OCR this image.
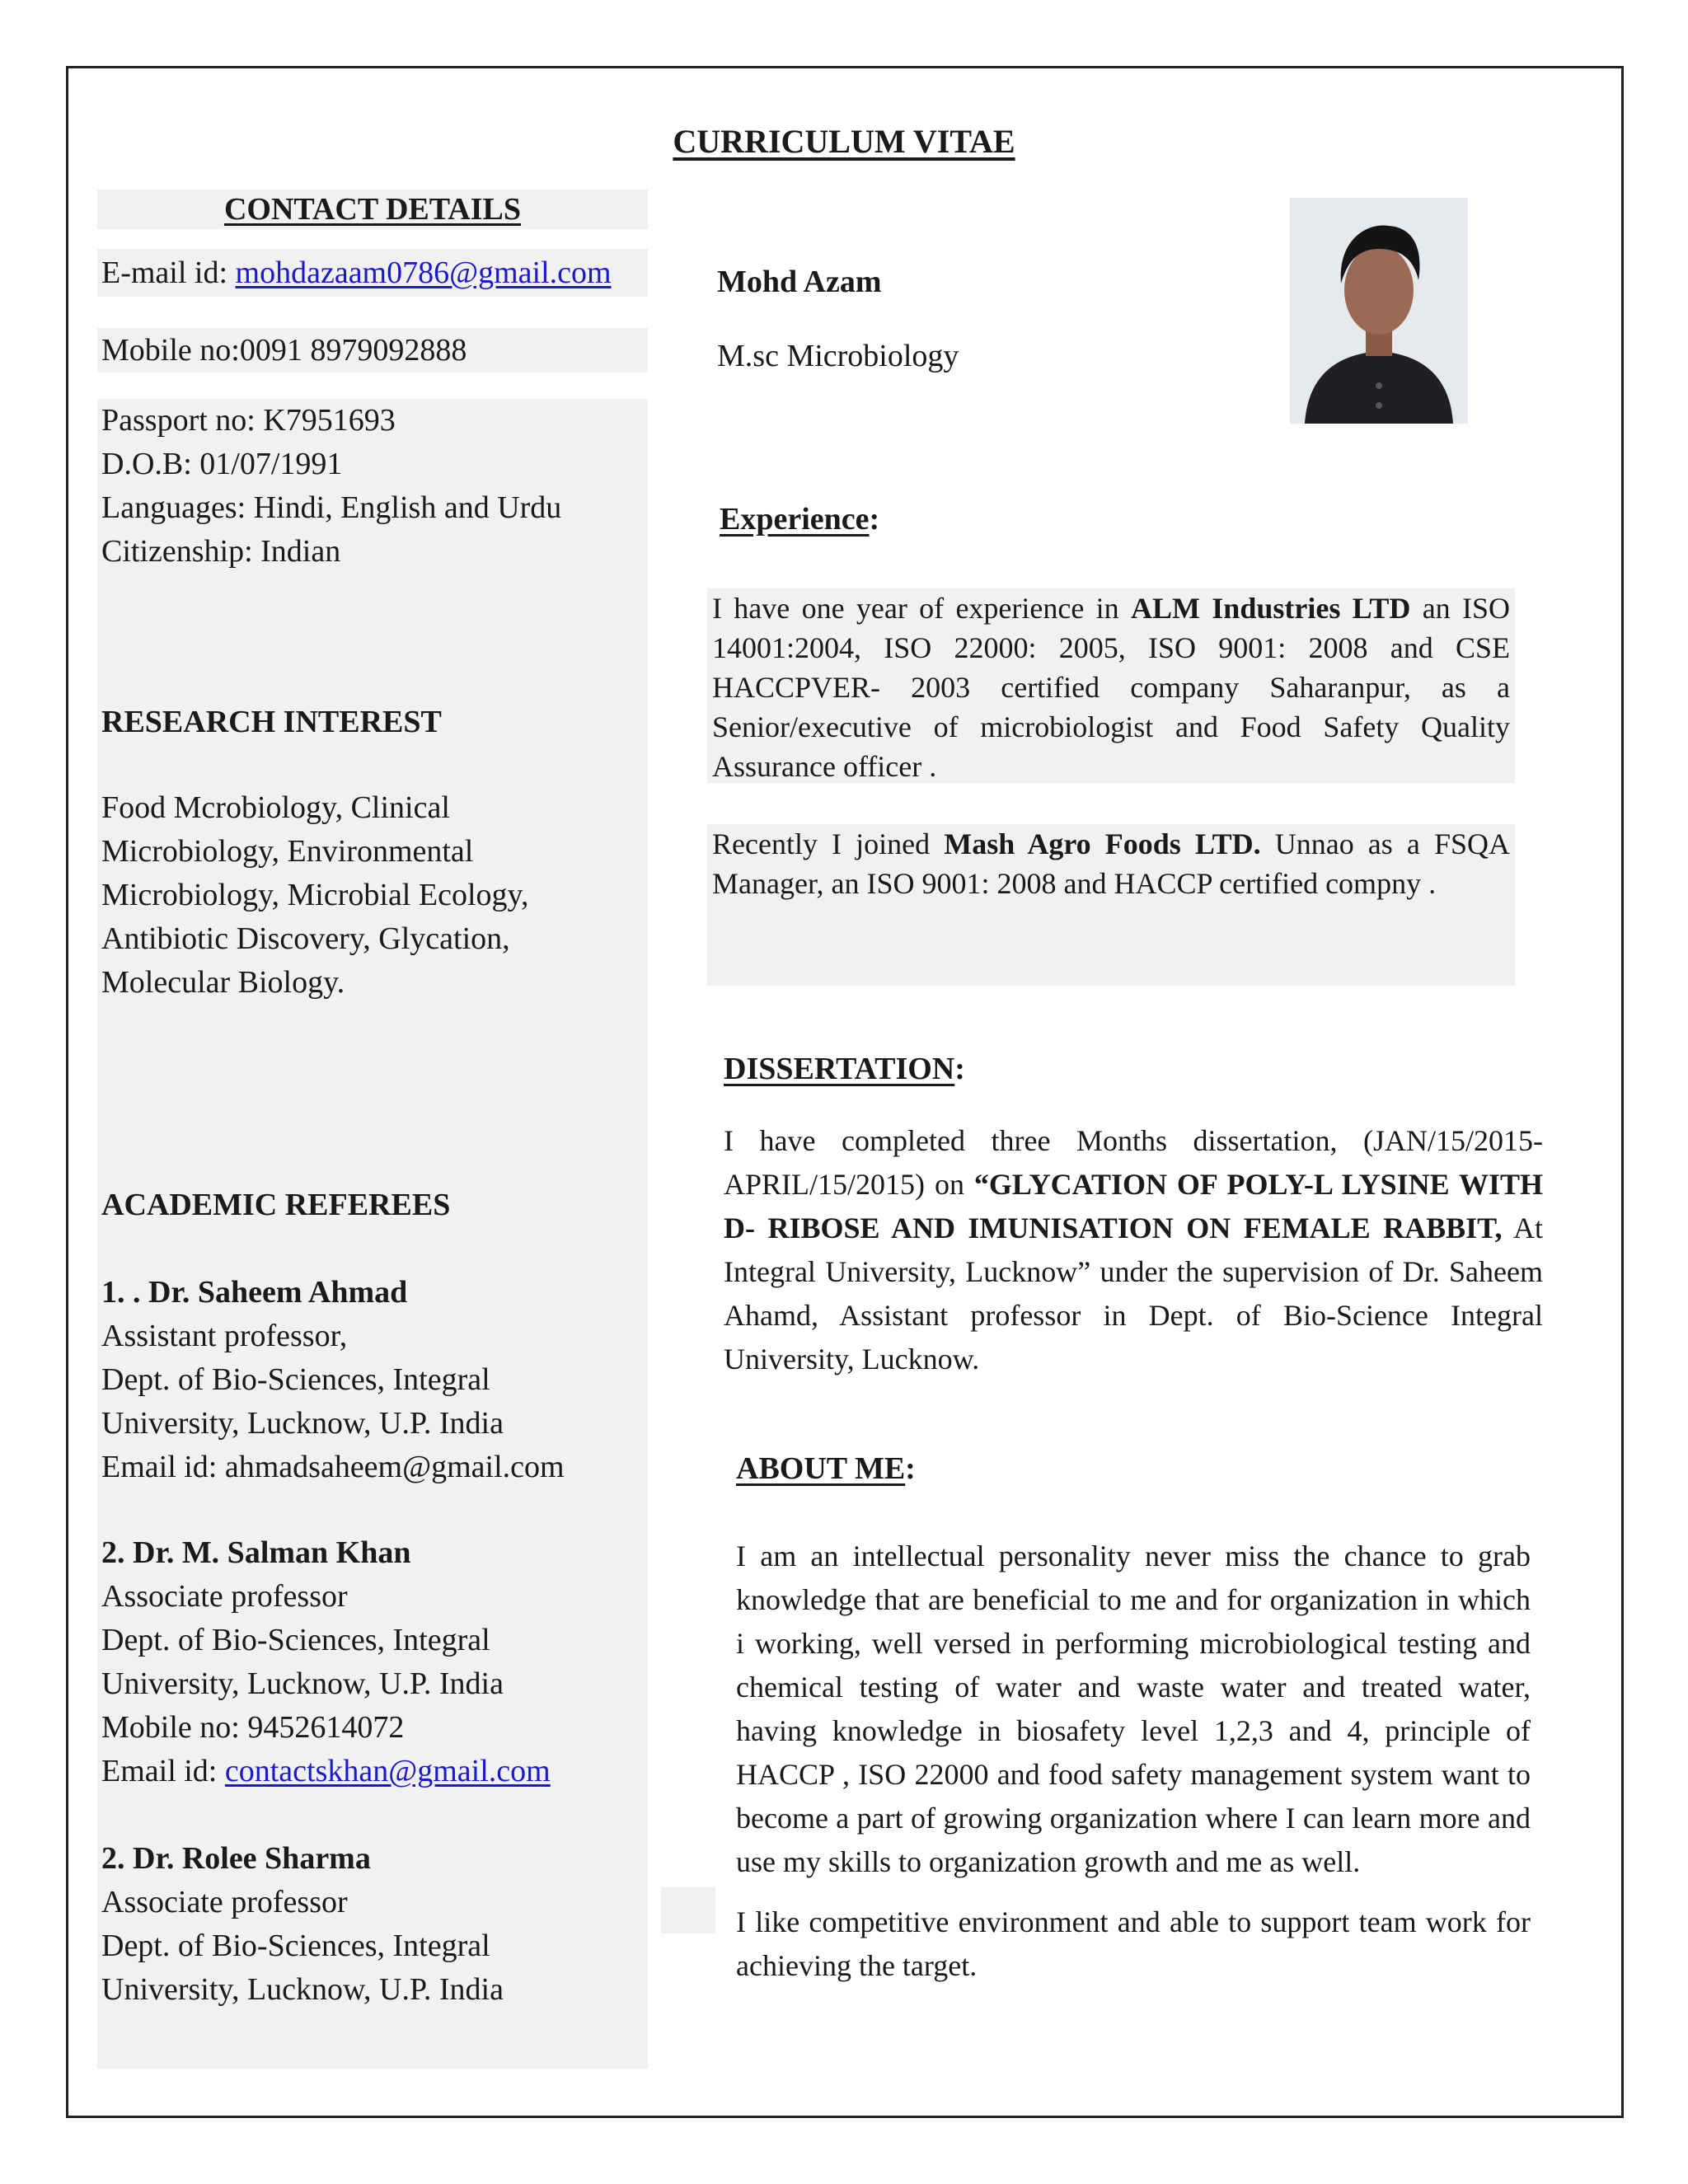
CURRICULUM VITAE
CONTACT DETAILS
E-mail id: mohdazaam0786@gmail.com
Mobile no:0091 8979092888
Passport no: K7951693
D.O.B: 01/07/1991
Languages: Hindi, English and Urdu
Citizenship: Indian
RESEARCH INTEREST
Food Mcrobiology, Clinical
Microbiology, Environmental
Microbiology, Microbial Ecology,
Antibiotic Discovery, Glycation,
Molecular Biology.
ACADEMIC REFEREES
1. . Dr. Saheem Ahmad
Assistant professor,
Dept. of Bio-Sciences, Integral
University, Lucknow, U.P. India
Email id: ahmadsaheem@gmail.com
2. Dr. M. Salman Khan
Associate professor
Dept. of Bio-Sciences, Integral
University, Lucknow, U.P. India
Mobile no: 9452614072
Email id: contactskhan@gmail.com
2. Dr. Rolee Sharma
Associate professor
Dept. of Bio-Sciences, Integral
University, Lucknow, U.P. India
Mohd Azam
M.sc Microbiology
Experience:
I have one year of experience in ALM Industries LTD an ISO 14001:2004, ISO 22000: 2005, ISO 9001: 2008 and CSE HACCPVER- 2003 certified company Saharanpur, as a Senior/executive of microbiologist and Food Safety Quality Assurance officer .
Recently I joined Mash Agro Foods LTD. Unnao as a FSQA Manager, an ISO 9001: 2008 and HACCP certified compny .
DISSERTATION:
I have completed three Months dissertation, (JAN/15/2015-APRIL/15/2015) on “GLYCATION OF POLY-L LYSINE WITH D- RIBOSE AND IMUNISATION ON FEMALE RABBIT, At Integral University, Lucknow” under the supervision of Dr. Saheem Ahamd, Assistant professor in Dept. of Bio-Science Integral University, Lucknow.
ABOUT ME:
I am an intellectual personality never miss the chance to grab knowledge that are beneficial to me and for organization in which i working, well versed in performing microbiological testing and chemical testing of water and waste water and treated water, having knowledge in biosafety level 1,2,3 and 4, principle of HACCP , ISO 22000 and food safety management system want to become a part of growing organization where I can learn more and use my skills to organization growth and me as well.
I like competitive environment and able to support team work for achieving the target.
